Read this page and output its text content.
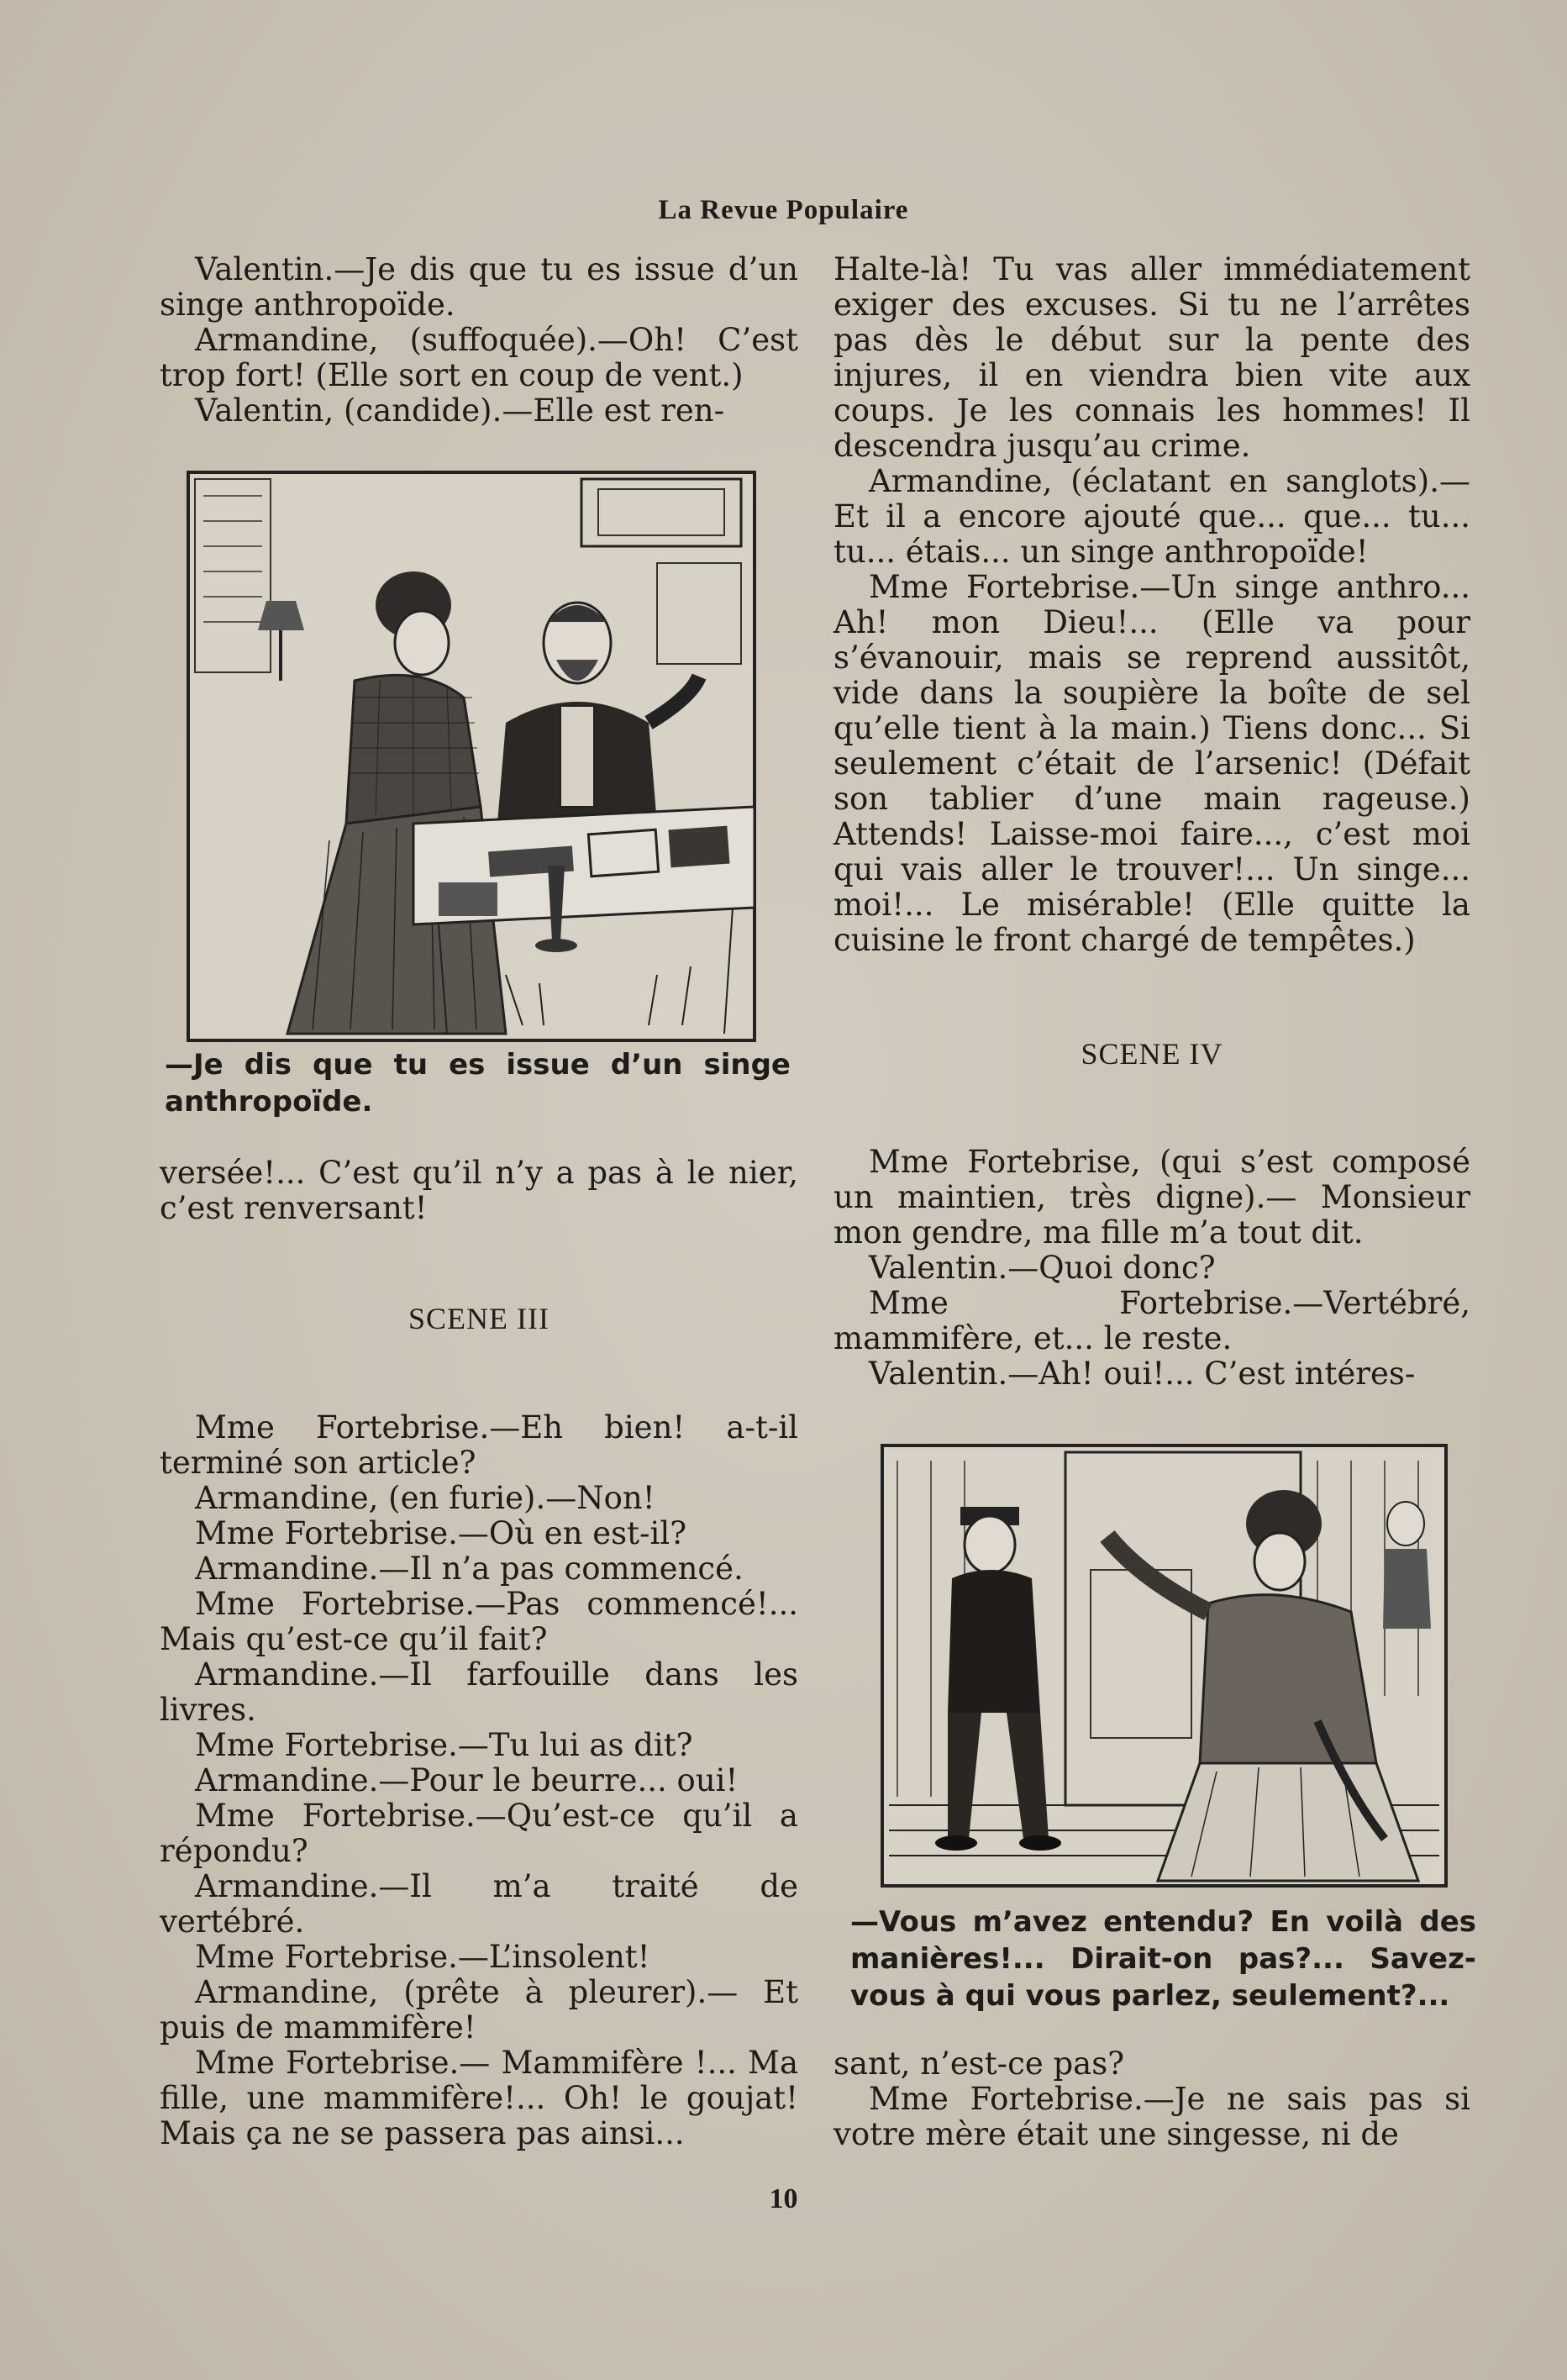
La Revue Populaire

Valentin.—Je dis que tu es issue d’un singe anthropoïde.

Armandine, (suffoquée).—Oh! C’est trop fort! (Elle sort en coup de vent.)

Valentin, (candide).—Elle est ren-

—Je dis que tu es issue d’un singe anthropoïde.

versée!... C’est qu’il n’y a pas à le nier, c’est renversant!

SCENE III

Mme Fortebrise.—Eh bien! a-t-il terminé son article?

Armandine, (en furie).—Non!

Mme Fortebrise.—Où en est-il?

Armandine.—Il n’a pas commencé.

Mme Fortebrise.—Pas commencé!... Mais qu’est-ce qu’il fait?

Armandine.—Il farfouille dans les livres.

Mme Fortebrise.—Tu lui as dit?

Armandine.—Pour le beurre... oui!

Mme Fortebrise.—Qu’est-ce qu’il a répondu?

Armandine.—Il m’a traité de vertébré.

Mme Fortebrise.—L’insolent!

Armandine, (prête à pleurer).— Et puis de mammifère!

Mme Fortebrise.— Mammifère !... Ma fille, une mammifère!... Oh! le goujat! Mais ça ne se passera pas ainsi...

Halte-là! Tu vas aller immédiatement exiger des excuses. Si tu ne l’arrêtes pas dès le début sur la pente des injures, il en viendra bien vite aux coups. Je les connais les hommes! Il descendra jusqu’au crime.

Armandine, (éclatant en sanglots).— Et il a encore ajouté que... que... tu... tu... étais... un singe anthropoïde!

Mme Fortebrise.—Un singe anthro... Ah! mon Dieu!... (Elle va pour s’évanouir, mais se reprend aussitôt, vide dans la soupière la boîte de sel qu’elle tient à la main.) Tiens donc... Si seulement c’était de l’arsenic! (Défait son tablier d’une main rageuse.) Attends! Laisse-moi faire..., c’est moi qui vais aller le trouver!... Un singe... moi!... Le misérable! (Elle quitte la cuisine le front chargé de tempêtes.)

SCENE IV

Mme Fortebrise, (qui s’est composé un maintien, très digne).— Monsieur mon gendre, ma fille m’a tout dit.

Valentin.—Quoi donc?

Mme Fortebrise.—Vertébré, mammifère, et... le reste.

Valentin.—Ah! oui!... C’est intéres-

—Vous m’avez entendu? En voilà des manières!... Dirait-on pas?... Savez-vous à qui vous parlez, seulement?...

sant, n’est-ce pas?

Mme Fortebrise.—Je ne sais pas si votre mère était une singesse, ni de

10
